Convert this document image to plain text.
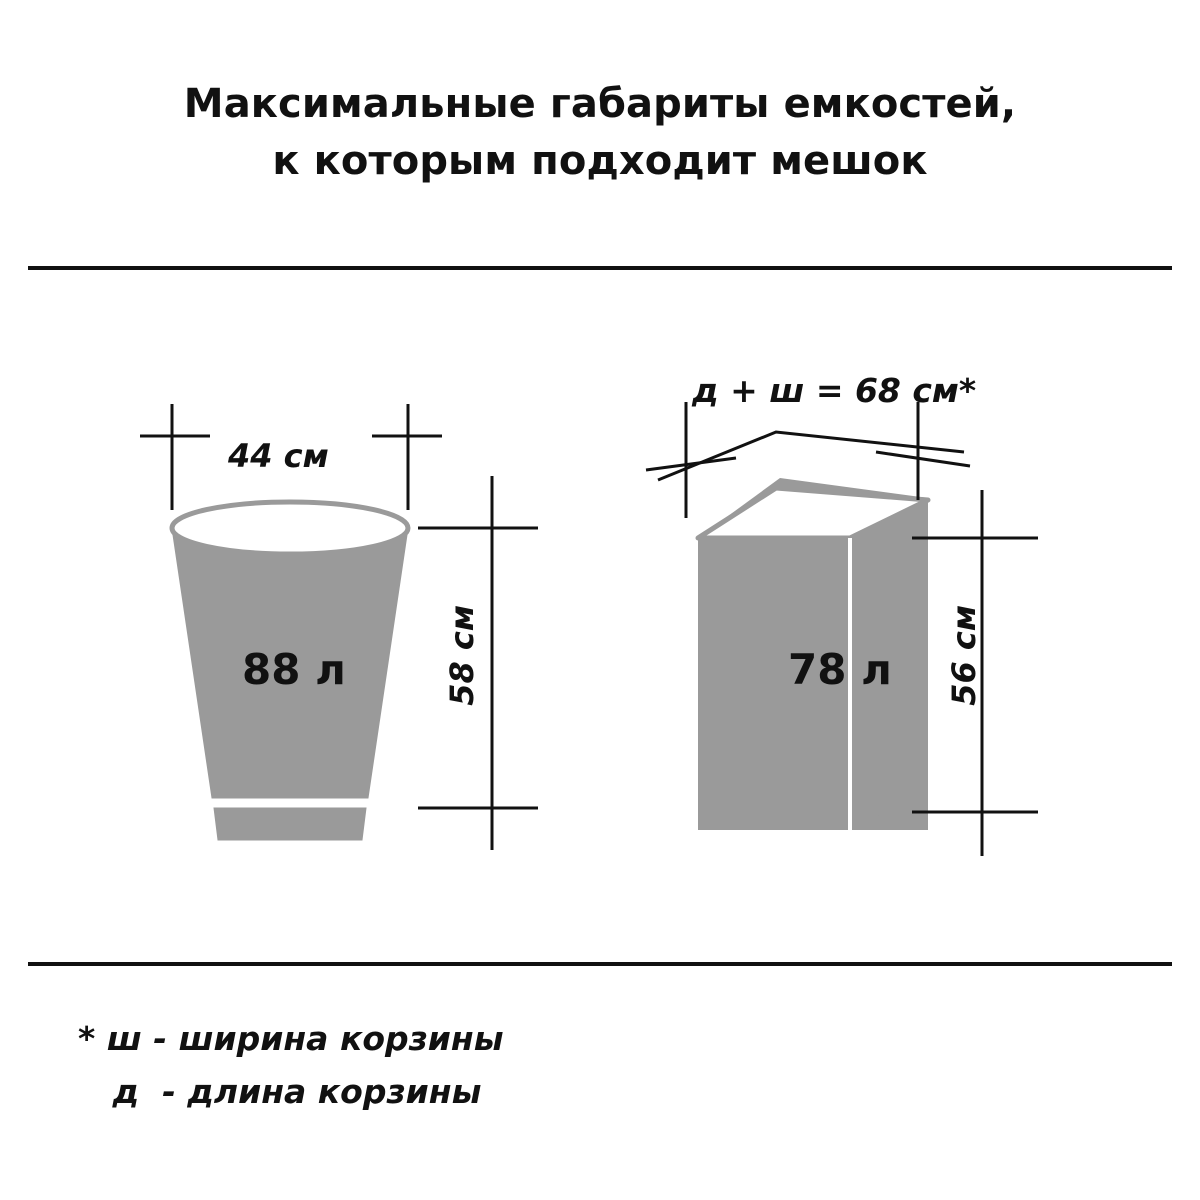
Максимальные габариты емкостей,
к которым подходит мешок
88 л
44 см
58 см
д + ш = 68 см*
78 л 56 см
* ш - ширина корзины
д  - длина корзины
